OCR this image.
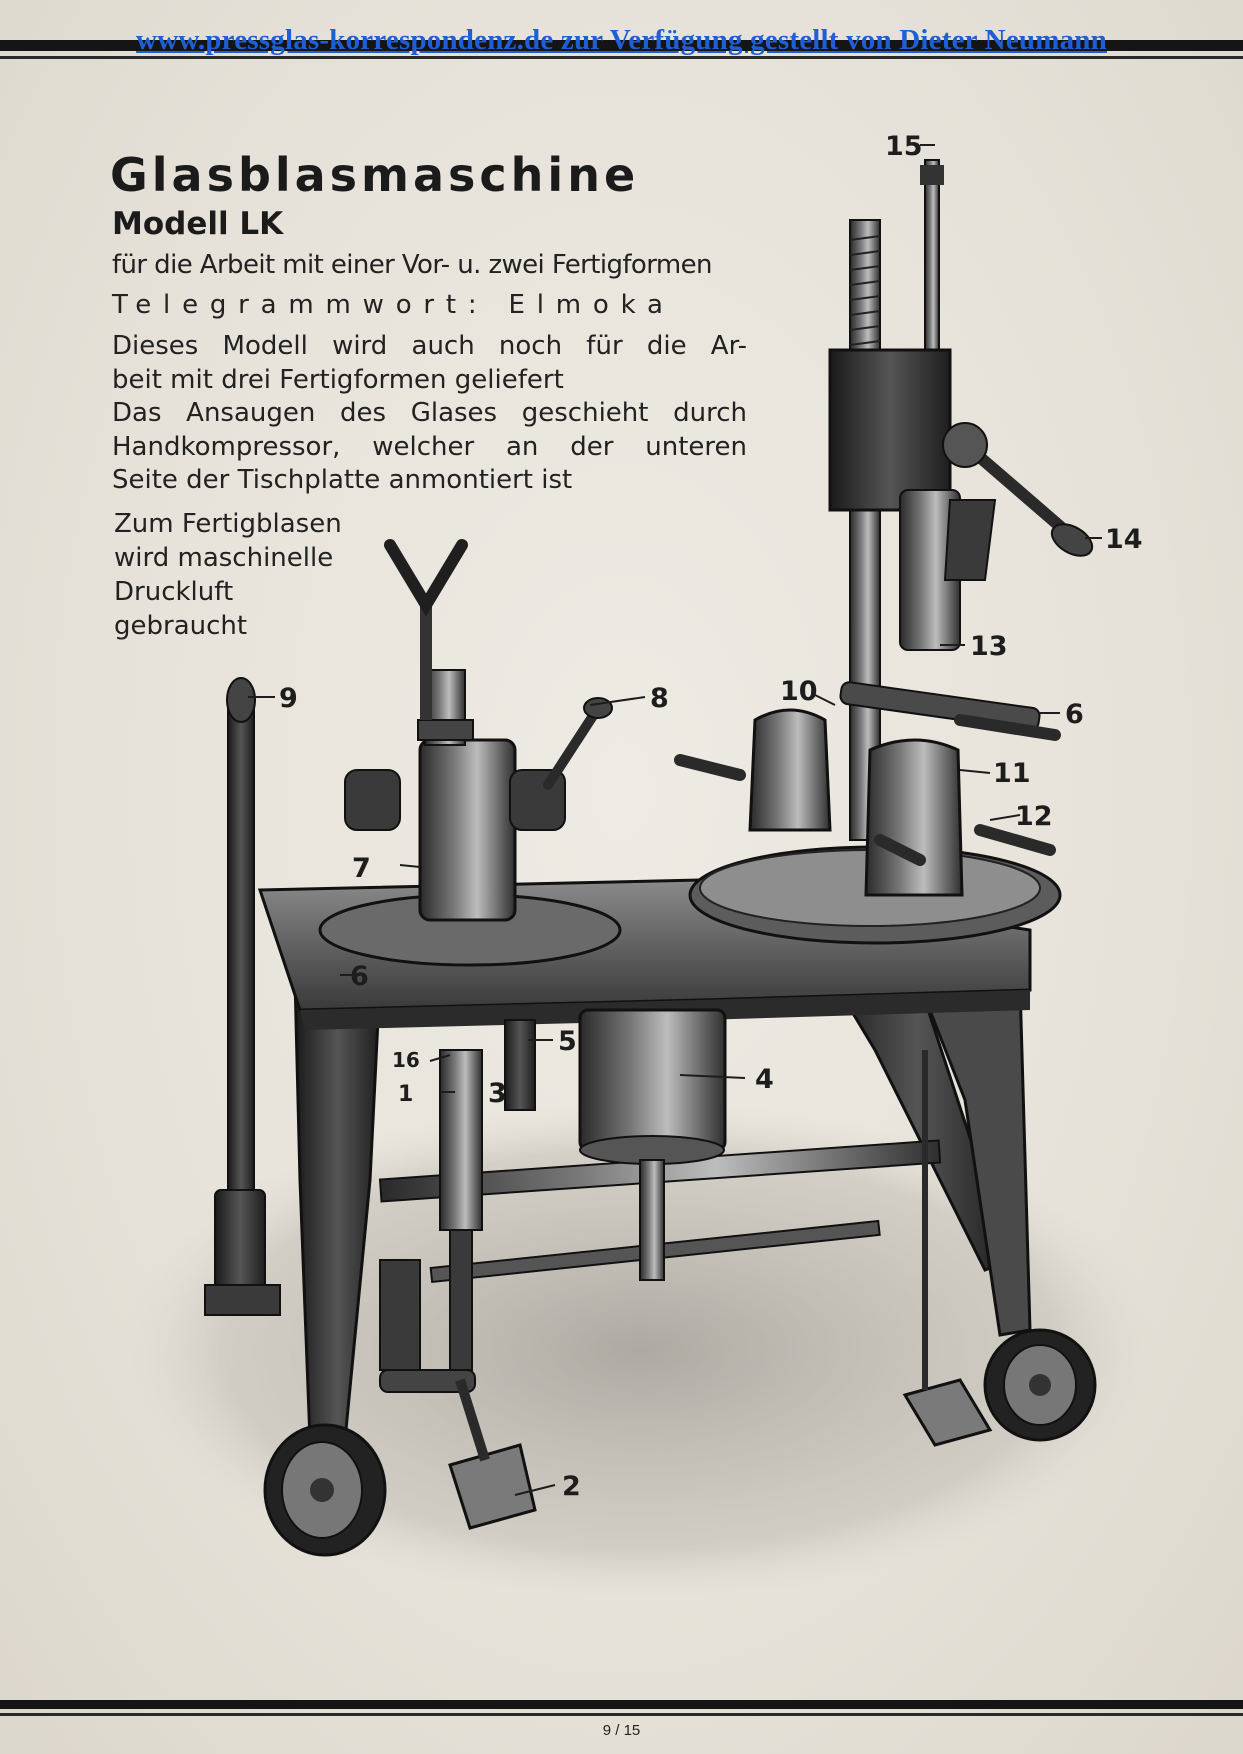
www.pressglas-korrespondenz.de zur Verfügung gestellt von Dieter Neumann
Glasblasmaschine
Modell LK
für die Arbeit mit einer Vor- u. zwei Fertigformen
Telegrammwort: Elmoka

Dieses Modell wird auch noch für die Ar-

beit mit drei Fertigformen geliefert

Das Ansaugen des Glases geschieht durch

Handkompressor, welcher an der unteren

Seite der Tischplatte anmontiert ist

Zum Fertigblasen

wird maschinelle

Druckluft

gebraucht

9	8	10
11
12
13
14
15
6
6
7
4
5
3
2
1
16
9 / 15
